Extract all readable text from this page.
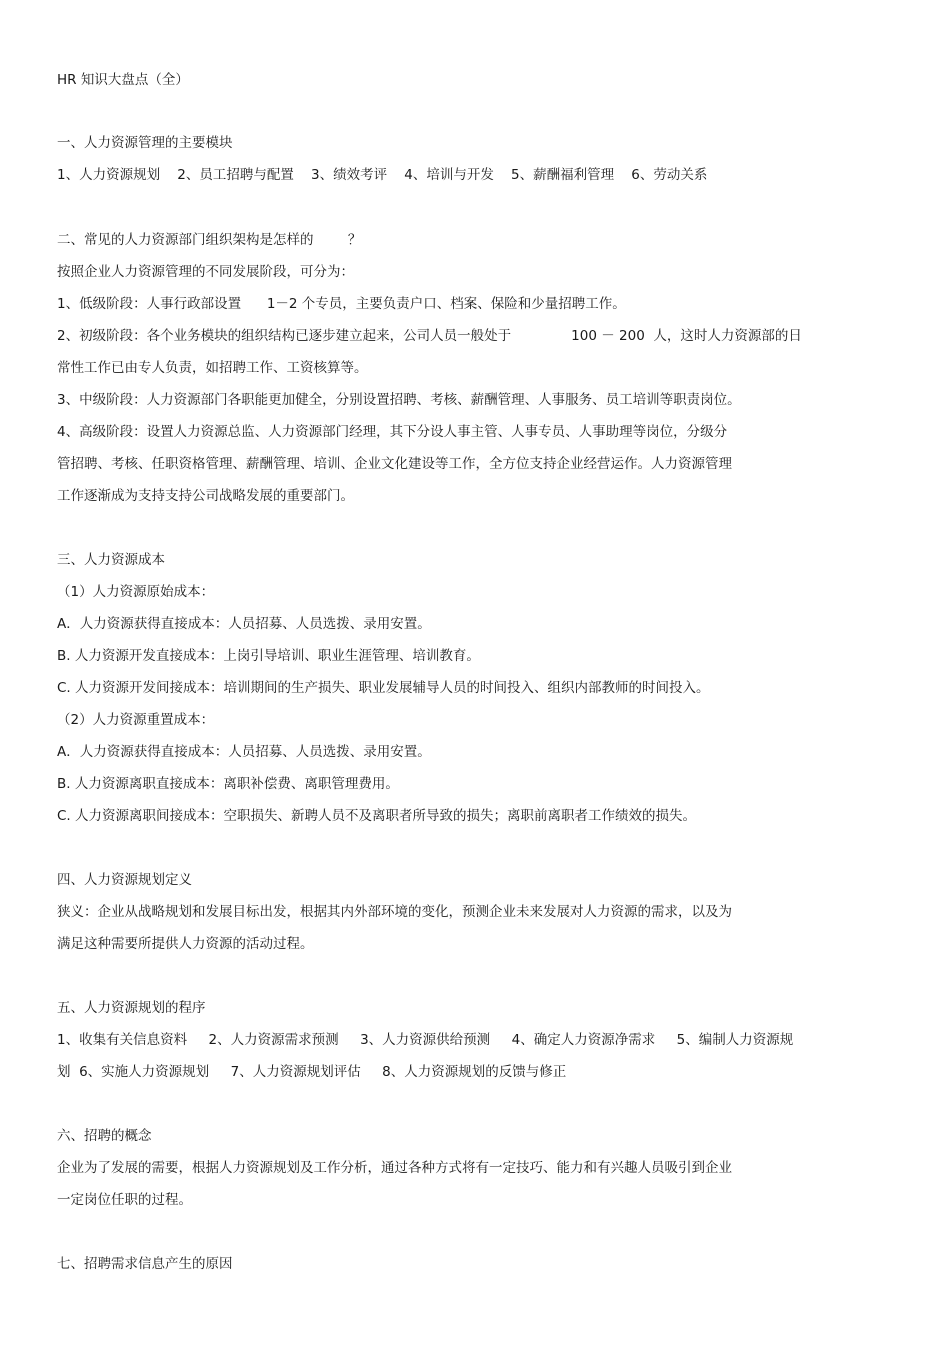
HR 知识大盘点（全）
一、人力资源管理的主要模块
1、人力资源规划    2、员工招聘与配置    3、绩效考评    4、培训与开发    5、薪酬福利管理    6、劳动关系
二、常见的人力资源部门组织架构是怎样的        ？
按照企业人力资源管理的不同发展阶段，可分为：
1、低级阶段：人事行政部设置      1－2 个专员，主要负责户口、档案、保险和少量招聘工作。
2、初级阶段：各个业务模块的组织结构已逐步建立起来，公司人员一般处于              100 － 200  人，这时人力资源部的日
常性工作已由专人负责，如招聘工作、工资核算等。
3、中级阶段：人力资源部门各职能更加健全，分别设置招聘、考核、薪酬管理、人事服务、员工培训等职责岗位。
4、高级阶段：设置人力资源总监、人力资源部门经理，其下分设人事主管、人事专员、人事助理等岗位，分级分
管招聘、考核、任职资格管理、薪酬管理、培训、企业文化建设等工作，全方位支持企业经营运作。人力资源管理
工作逐渐成为支持支持公司战略发展的重要部门。
三、人力资源成本
（1）人力资源原始成本：
A．人力资源获得直接成本：人员招募、人员选拨、录用安置。
B. 人力资源开发直接成本：上岗引导培训、职业生涯管理、培训教育。
C. 人力资源开发间接成本：培训期间的生产损失、职业发展辅导人员的时间投入、组织内部教师的时间投入。
（2）人力资源重置成本：
A．人力资源获得直接成本：人员招募、人员选拨、录用安置。
B. 人力资源离职直接成本：离职补偿费、离职管理费用。
C. 人力资源离职间接成本：空职损失、新聘人员不及离职者所导致的损失；离职前离职者工作绩效的损失。
四、人力资源规划定义
狭义：企业从战略规划和发展目标出发，根据其内外部环境的变化，预测企业未来发展对人力资源的需求，以及为
满足这种需要所提供人力资源的活动过程。
五、人力资源规划的程序
1、收集有关信息资料     2、人力资源需求预测     3、人力资源供给预测     4、确定人力资源净需求     5、编制人力资源规
划  6、实施人力资源规划     7、人力资源规划评估     8、人力资源规划的反馈与修正
六、招聘的概念
企业为了发展的需要，根据人力资源规划及工作分析，通过各种方式将有一定技巧、能力和有兴趣人员吸引到企业
一定岗位任职的过程。
七、招聘需求信息产生的原因
